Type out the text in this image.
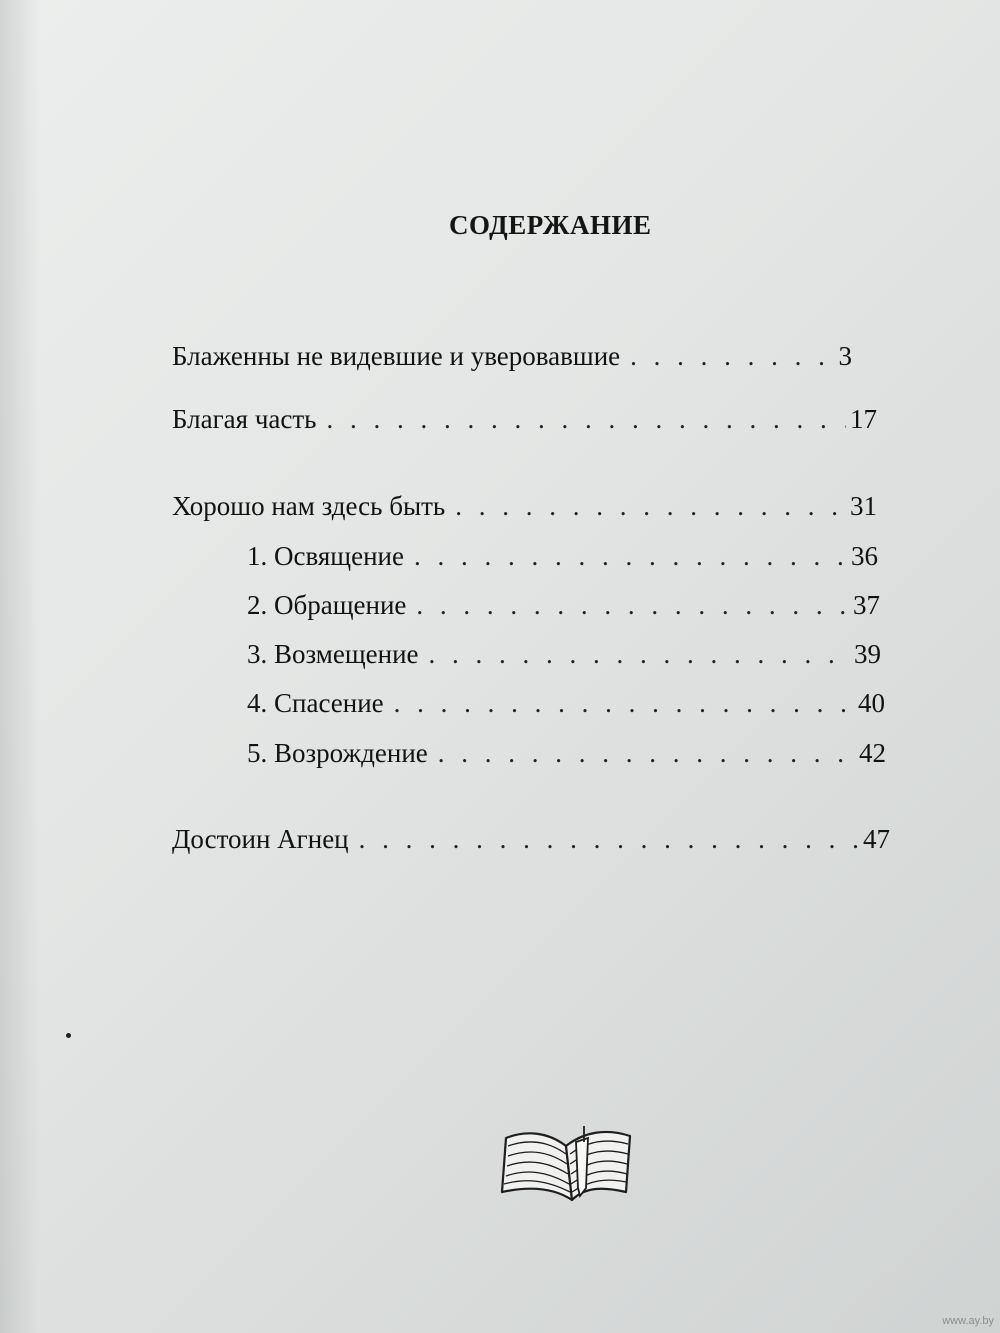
СОДЕРЖАНИЕ
Блаженны не видевшие и уверовавшие . . .	3
Благая часть . . .	17
Хорошо нам здесь быть . . .	31
1. Освящение . . .	36
2. Обращение . . .	37
3. Возмещение . . .	39
4. Спасение . . .	40
5. Возрождение . . .	42
Достоин Агнец . . .	47
www.ay.by
